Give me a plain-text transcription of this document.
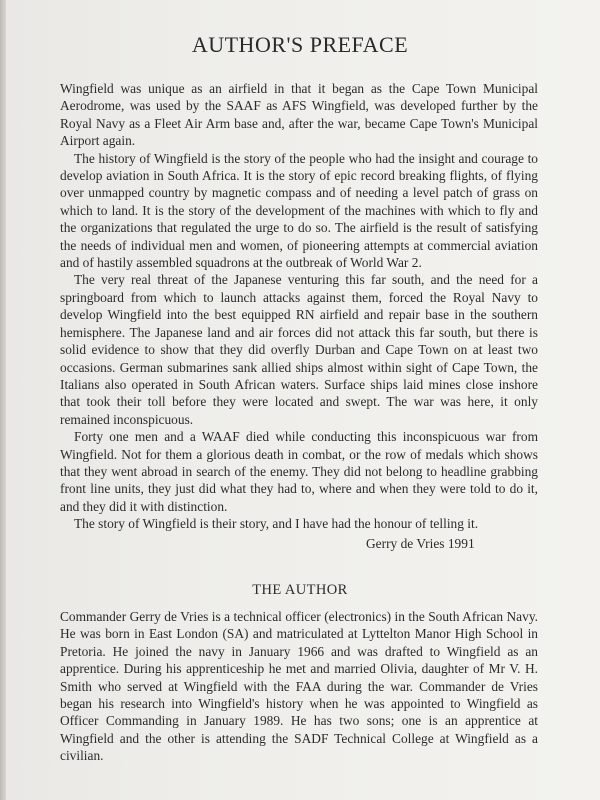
AUTHOR'S PREFACE

Wingfield was unique as an airfield in that it began as the Cape Town Municipal Aerodrome, was used by the SAAF as AFS Wingfield, was developed further by the Royal Navy as a Fleet Air Arm base and, after the war, became Cape Town's Municipal Airport again.

The history of Wingfield is the story of the people who had the insight and courage to develop aviation in South Africa. It is the story of epic record breaking flights, of flying over unmapped country by magnetic compass and of needing a level patch of grass on which to land. It is the story of the development of the machines with which to fly and the organizations that regulated the urge to do so. The airfield is the result of satisfying the needs of individual men and women, of pioneering attempts at commercial aviation and of hastily assembled squadrons at the outbreak of World War 2.

The very real threat of the Japanese venturing this far south, and the need for a springboard from which to launch attacks against them, forced the Royal Navy to develop Wingfield into the best equipped RN airfield and repair base in the southern hemisphere. The Japanese land and air forces did not attack this far south, but there is solid evidence to show that they did overfly Durban and Cape Town on at least two occasions. German submarines sank allied ships almost within sight of Cape Town, the Italians also operated in South African waters. Surface ships laid mines close inshore that took their toll before they were located and swept. The war was here, it only remained inconspicuous.

Forty one men and a WAAF died while conducting this inconspicuous war from Wingfield. Not for them a glorious death in combat, or the row of medals which shows that they went abroad in search of the enemy. They did not belong to headline grabbing front line units, they just did what they had to, where and when they were told to do it, and they did it with distinction.

The story of Wingfield is their story, and I have had the honour of telling it.

Gerry de Vries 1991
THE AUTHOR

Commander Gerry de Vries is a technical officer (electronics) in the South African Navy. He was born in East London (SA) and matriculated at Lyttelton Manor High School in Pretoria. He joined the navy in January 1966 and was drafted to Wingfield as an apprentice. During his apprenticeship he met and married Olivia, daughter of Mr V. H. Smith who served at Wingfield with the FAA during the war. Commander de Vries began his research into Wingfield's history when he was appointed to Wingfield as Officer Commanding in January 1989. He has two sons; one is an apprentice at Wingfield and the other is attending the SADF Technical College at Wingfield as a civilian.
